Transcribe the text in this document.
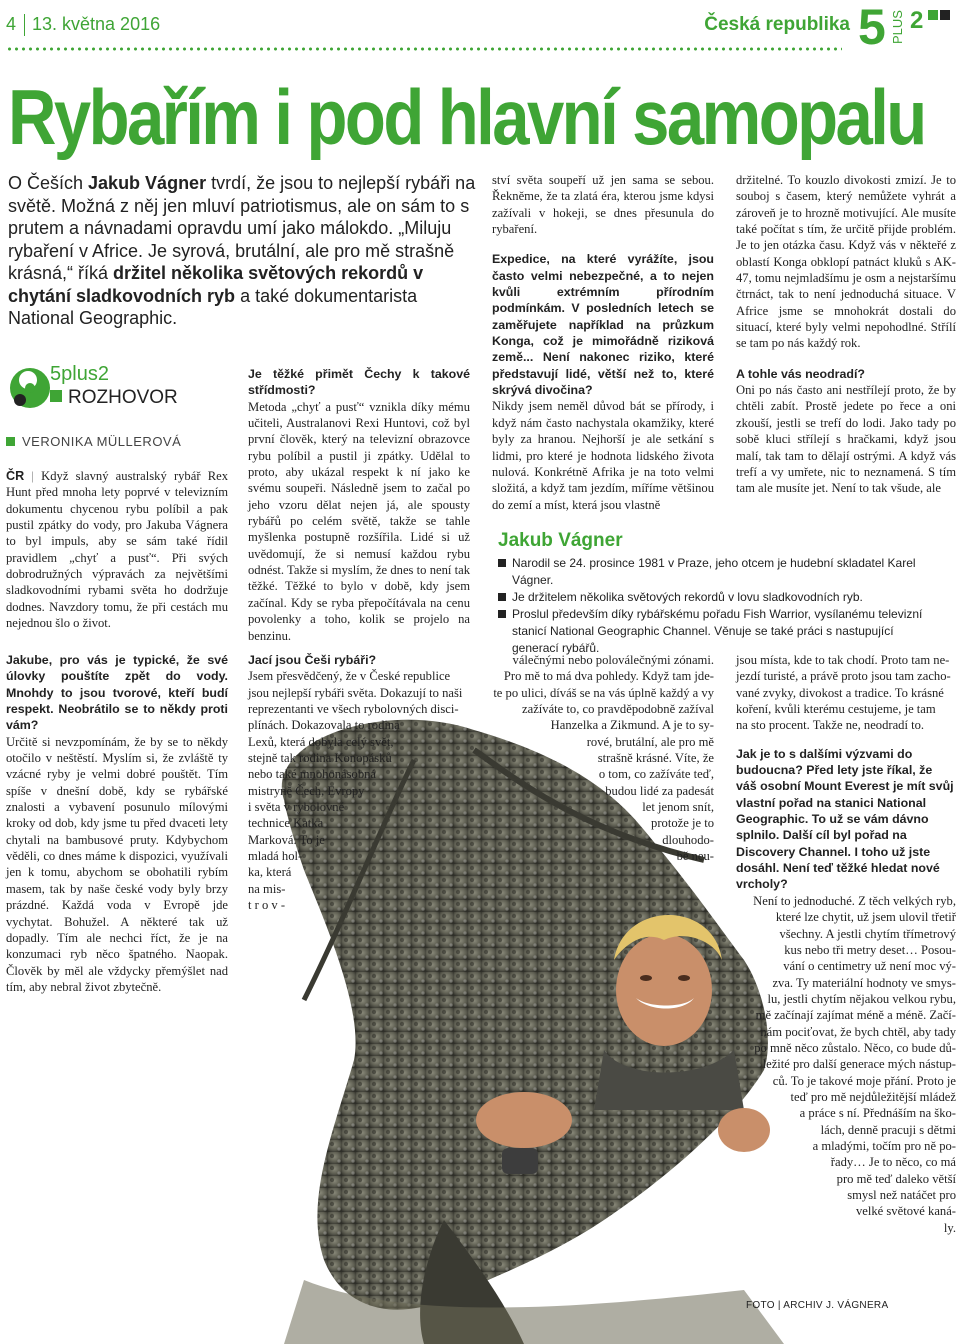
4 13. května 2016	Česká republika 5 PLUS 2
Rybařím i pod hlavní samopalu
O Češích Jakub Vágner tvrdí, že jsou to nejlepší rybáři na světě. Možná z něj jen mluví patriotismus, ale on sám to s prutem a návnadami opravdu umí jako málokdo. „Miluju rybaření v Africe. Je syrová, brutální, ale pro mě strašně krásná,“ říká držitel několika světových rekordů v chytání sladkovodních ryb a také dokumentarista National Geographic.
5plus2
ROZHOVOR
VERONIKA MÜLLEROVÁ

ČR | Když slavný australský rybář Rex Hunt před mnoha lety poprvé v televizním dokumentu chycenou rybu políbil a pak pustil zpátky do vody, pro Jakuba Vágnera to byl impuls, aby se sám také řídil pravidlem „chyť a pusť“. Při svých dobrodružných výpravách za největšími sladkovodními rybami světa ho dodržuje dodnes. Navzdory tomu, že při cestách mu nejednou šlo o život.

Je těžké přimět Čechy k takové střídmosti?

Metoda „chyť a pusť“ vznikla díky mému učiteli, Australanovi Rexi Huntovi, což byl první člověk, který na televizní obrazovce rybu políbil a pustil ji zpátky. Udělal to proto, aby ukázal respekt k ní jako ke svému soupeři. Následně jsem to začal po jeho vzoru dělat nejen já, ale spousty rybářů po celém světě, takže se tahle myšlenka postupně rozšířila. Lidé si už uvědomují, že si nemusí každou rybu odnést. Takže si myslím, že dnes to není tak těžké. Těžké to bylo v době, kdy jsem začínal. Kdy se ryba přepočítávala na cenu povolenky a toho, kolik se projelo na benzinu.

ství světa soupeří už jen sama se sebou. Řekněme, že ta zlatá éra, kterou jsme kdysi zažívali v hokeji, se dnes přesunula do rybaření.

Expedice, na které vyrážíte, jsou často velmi nebezpečné, a to nejen kvůli extrémním přírodním podmínkám. V posledních letech se zaměřujete například na průzkum Konga, což je mimořádně riziková země... Není nakonec riziko, které představují lidé, větší než to, které skrývá divočina?

Nikdy jsem neměl důvod bát se přírody, i když nám často nachystala okamžiky, které byly za hranou. Nejhorší je ale setkání s lidmi, pro které je hodnota lidského života nulová. Konkrétně Afrika je na toto velmi složitá, a když tam jezdím, míříme většinou do zemí a míst, která jsou vlastně

držitelné. To kouzlo divokosti zmizí. Je to souboj s časem, který nemůžete vyhrát a zároveň je to hrozně motivující. Ale musíte také počítat s tím, že určitě přijde problém. Je to jen otázka času. Když vás v někteřé z oblastí Konga obklopí patnáct kluků s AK-47, tomu nejmladšímu je osm a nejstaršímu čtrnáct, tak to není jednoduchá situace. V Africe jsme se mnohokrát dostali do situací, které byly velmi nepohodlné. Střílí se tam po nás každý rok.

A tohle vás neodradí?

Oni po nás často ani nestřílejí proto, že by chtěli zabít. Prostě jedete po řece a oni zkouší, jestli se trefí do lodi. Jako tady po sobě kluci střílejí s hračkami, když jsou malí, tak tam to dělají ostrými. A když vás trefí a vy umřete, nic to neznamená. S tím tam ale musíte jet. Není to tak všude, ale

Jakub Vágner
Narodil se 24. prosince 1981 v Praze, jeho otcem je hudební skladatel Karel Vágner.
Je držitelem několika světových rekordů v lovu sladkovodních ryb.
Proslul především díky rybářskému pořadu Fish Warrior, vysílanému televizní stanicí National Geographic Channel. Věnuje se také práci s nastupující generací rybářů.

Jakube, pro vás je typické, že své úlovky pouštíte zpět do vody. Mnohdy to jsou tvorové, kteří budí respekt. Neobrátilo se to někdy proti vám?

Určitě si nevzpomínám, že by se to někdy otočilo v neštěstí. Myslím si, že zvláště ty vzácné ryby je velmi dobré pouštět. Tím spíše v dnešní době, kdy se rybářské znalosti a vybavení posunulo mílovými kroky od dob, kdy jsme tu před dvaceti lety chytali na bambusové pruty. Kdybychom věděli, co dnes máme k dispozici, využívali jen k tomu, abychom se obohatili rybím masem, tak by naše české vody byly brzy prázdné. Každá voda v Evropě jde vychytat. Bohužel. A některé tak už dopadly. Tím ale nechci říct, že je na konzumaci ryb něco špatného. Naopak. Člověk by měl ale vždycky přemýšlet nad tím, aby nebral život zbytečně.

Jací jsou Češi rybáři?

Jsem přesvědčený, že v České republice
jsou nejlepší rybáři světa. Dokazují to naši
reprezentanti ve všech rybolovných disci-
plínách. Dokazovala to rodina
Lexů, která dobyla celý svět,
stejně tak rodina Konopásků
nebo také mnohonásobná
mistryně Čech, Evropy
i světa v rybolovné
technice Katka
Marková. To je
mladá hol-
ka, která
na mis-
t r o v -
válečnými nebo poloválečnými zónami.
Pro mě to má dva pohledy. Když tam jde-
te po ulici, díváš se na vás úplně každý a vy
zažíváte to, co pravděpodobně zažíval
Hanzelka a Zikmund. A je to sy-
rové, brutální, ale pro mě
strašně krásné. Víte, že
o tom, co zažíváte teď,
budou lidé za padesát
let jenom snít,
protože je to
dlouhodo-
bě neu-
jsou místa, kde to tak chodí. Proto tam ne-
jezdí turisté, a právě proto jsou tam zacho-
vané zvyky, divokost a tradice. To krásné
koření, kvůli kterému cestujeme, je tam
na sto procent. Takže ne, neodradí to.

Jak je to s dalšími výzvami do budoucna? Před lety jste říkal, že váš osobní Mount Everest je mít svůj vlastní pořad na stanici National Geographic. To už se vám dávno splnilo. Další cíl byl pořad na Discovery Channel. I toho už jste dosáhl. Není teď těžké hledat nové vrcholy?

Není to jednoduché. Z těch velkých ryb,
které lze chytit, už jsem ulovil třetiř
všechny. A jestli chytím třímetrový
kus nebo tři metry deset… Posou-
vání o centimetry už není moc vý-
zva. Ty materiální hodnoty ve smys-
lu, jestli chytím nějakou velkou rybu,
mě začínají zajímat méně a méně. Začí-
nám pociťovat, že bych chtěl, aby tady
po mně něco zůstalo. Něco, co bude dů-
ležité pro další generace mých nástup-
ců. To je takové moje přání. Proto je
teď pro mě nejdůležitější mládež
a práce s ní. Přednáším na ško-
lách, denně pracuji s dětmi
a mladými, točím pro ně po-
řady… Je to něco, co má
pro mě teď daleko větší
smysl než natáčet pro
velké světové kaná-
ly.
FOTO | ARCHIV J. VÁGNERA
